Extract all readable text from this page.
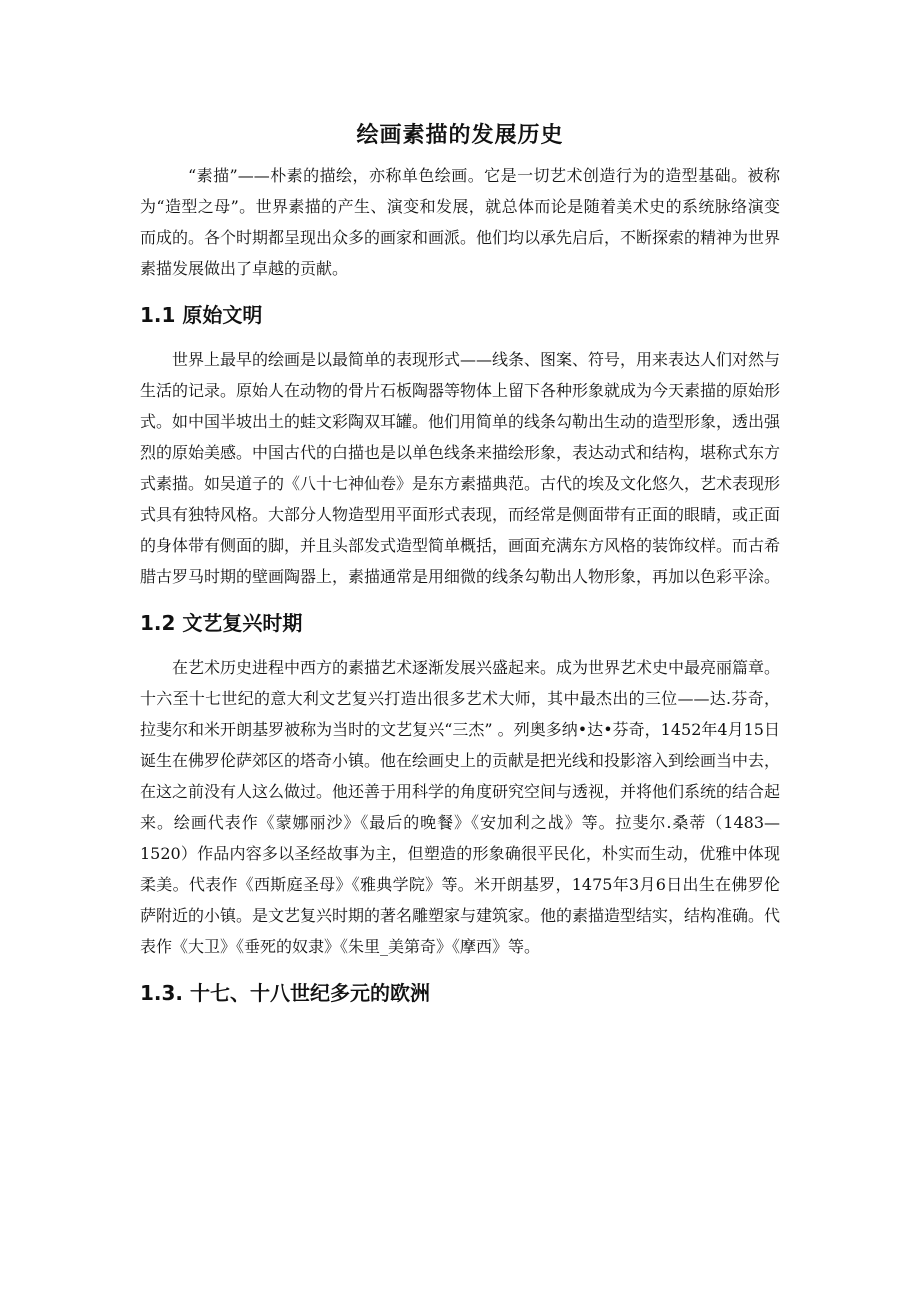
绘画素描的发展历史

“素描”——朴素的描绘，亦称单色绘画。它是一切艺术创造行为的造型基础。被称为“造型之母”。世界素描的产生、演变和发展，就总体而论是随着美术史的系统脉络演变而成的。各个时期都呈现出众多的画家和画派。他们均以承先启后，不断探索的精神为世界素描发展做出了卓越的贡献。

1.1 原始文明

世界上最早的绘画是以最简单的表现形式——线条、图案、符号，用来表达人们对然与生活的记录。原始人在动物的骨片石板陶器等物体上留下各种形象就成为今天素描的原始形式。如中国半坡出土的蛙文彩陶双耳罐。他们用简单的线条勾勒出生动的造型形象，透出强烈的原始美感。中国古代的白描也是以单色线条来描绘形象，表达动式和结构，堪称式东方式素描。如吴道子的《八十七神仙卷》是东方素描典范。古代的埃及文化悠久，艺术表现形式具有独特风格。大部分人物造型用平面形式表现，而经常是侧面带有正面的眼睛，或正面的身体带有侧面的脚，并且头部发式造型简单概括，画面充满东方风格的装饰纹样。而古希腊古罗马时期的壁画陶器上，素描通常是用细微的线条勾勒出人物形象，再加以色彩平涂。

1.2 文艺复兴时期

在艺术历史进程中西方的素描艺术逐渐发展兴盛起来。成为世界艺术史中最亮丽篇章。十六至十七世纪的意大利文艺复兴打造出很多艺术大师，其中最杰出的三位——达.芬奇，拉斐尔和米开朗基罗被称为当时的文艺复兴“三杰” 。列奥多纳•达•芬奇，1452年4月15日诞生在佛罗伦萨郊区的塔奇小镇。他在绘画史上的贡献是把光线和投影溶入到绘画当中去，在这之前没有人这么做过。他还善于用科学的角度研究空间与透视，并将他们系统的结合起来。绘画代表作《蒙娜丽沙》《最后的晚餐》《安加利之战》等。拉斐尔.桑蒂（1483—1520）作品内容多以圣经故事为主，但塑造的形象确很平民化，朴实而生动，优雅中体现柔美。代表作《西斯庭圣母》《雅典学院》等。米开朗基罗，1475年3月6日出生在佛罗伦萨附近的小镇。是文艺复兴时期的著名雕塑家与建筑家。他的素描造型结实，结构准确。代表作《大卫》《垂死的奴隶》《朱里_美第奇》《摩西》等。

1.3. 十七、十八世纪多元的欧洲
